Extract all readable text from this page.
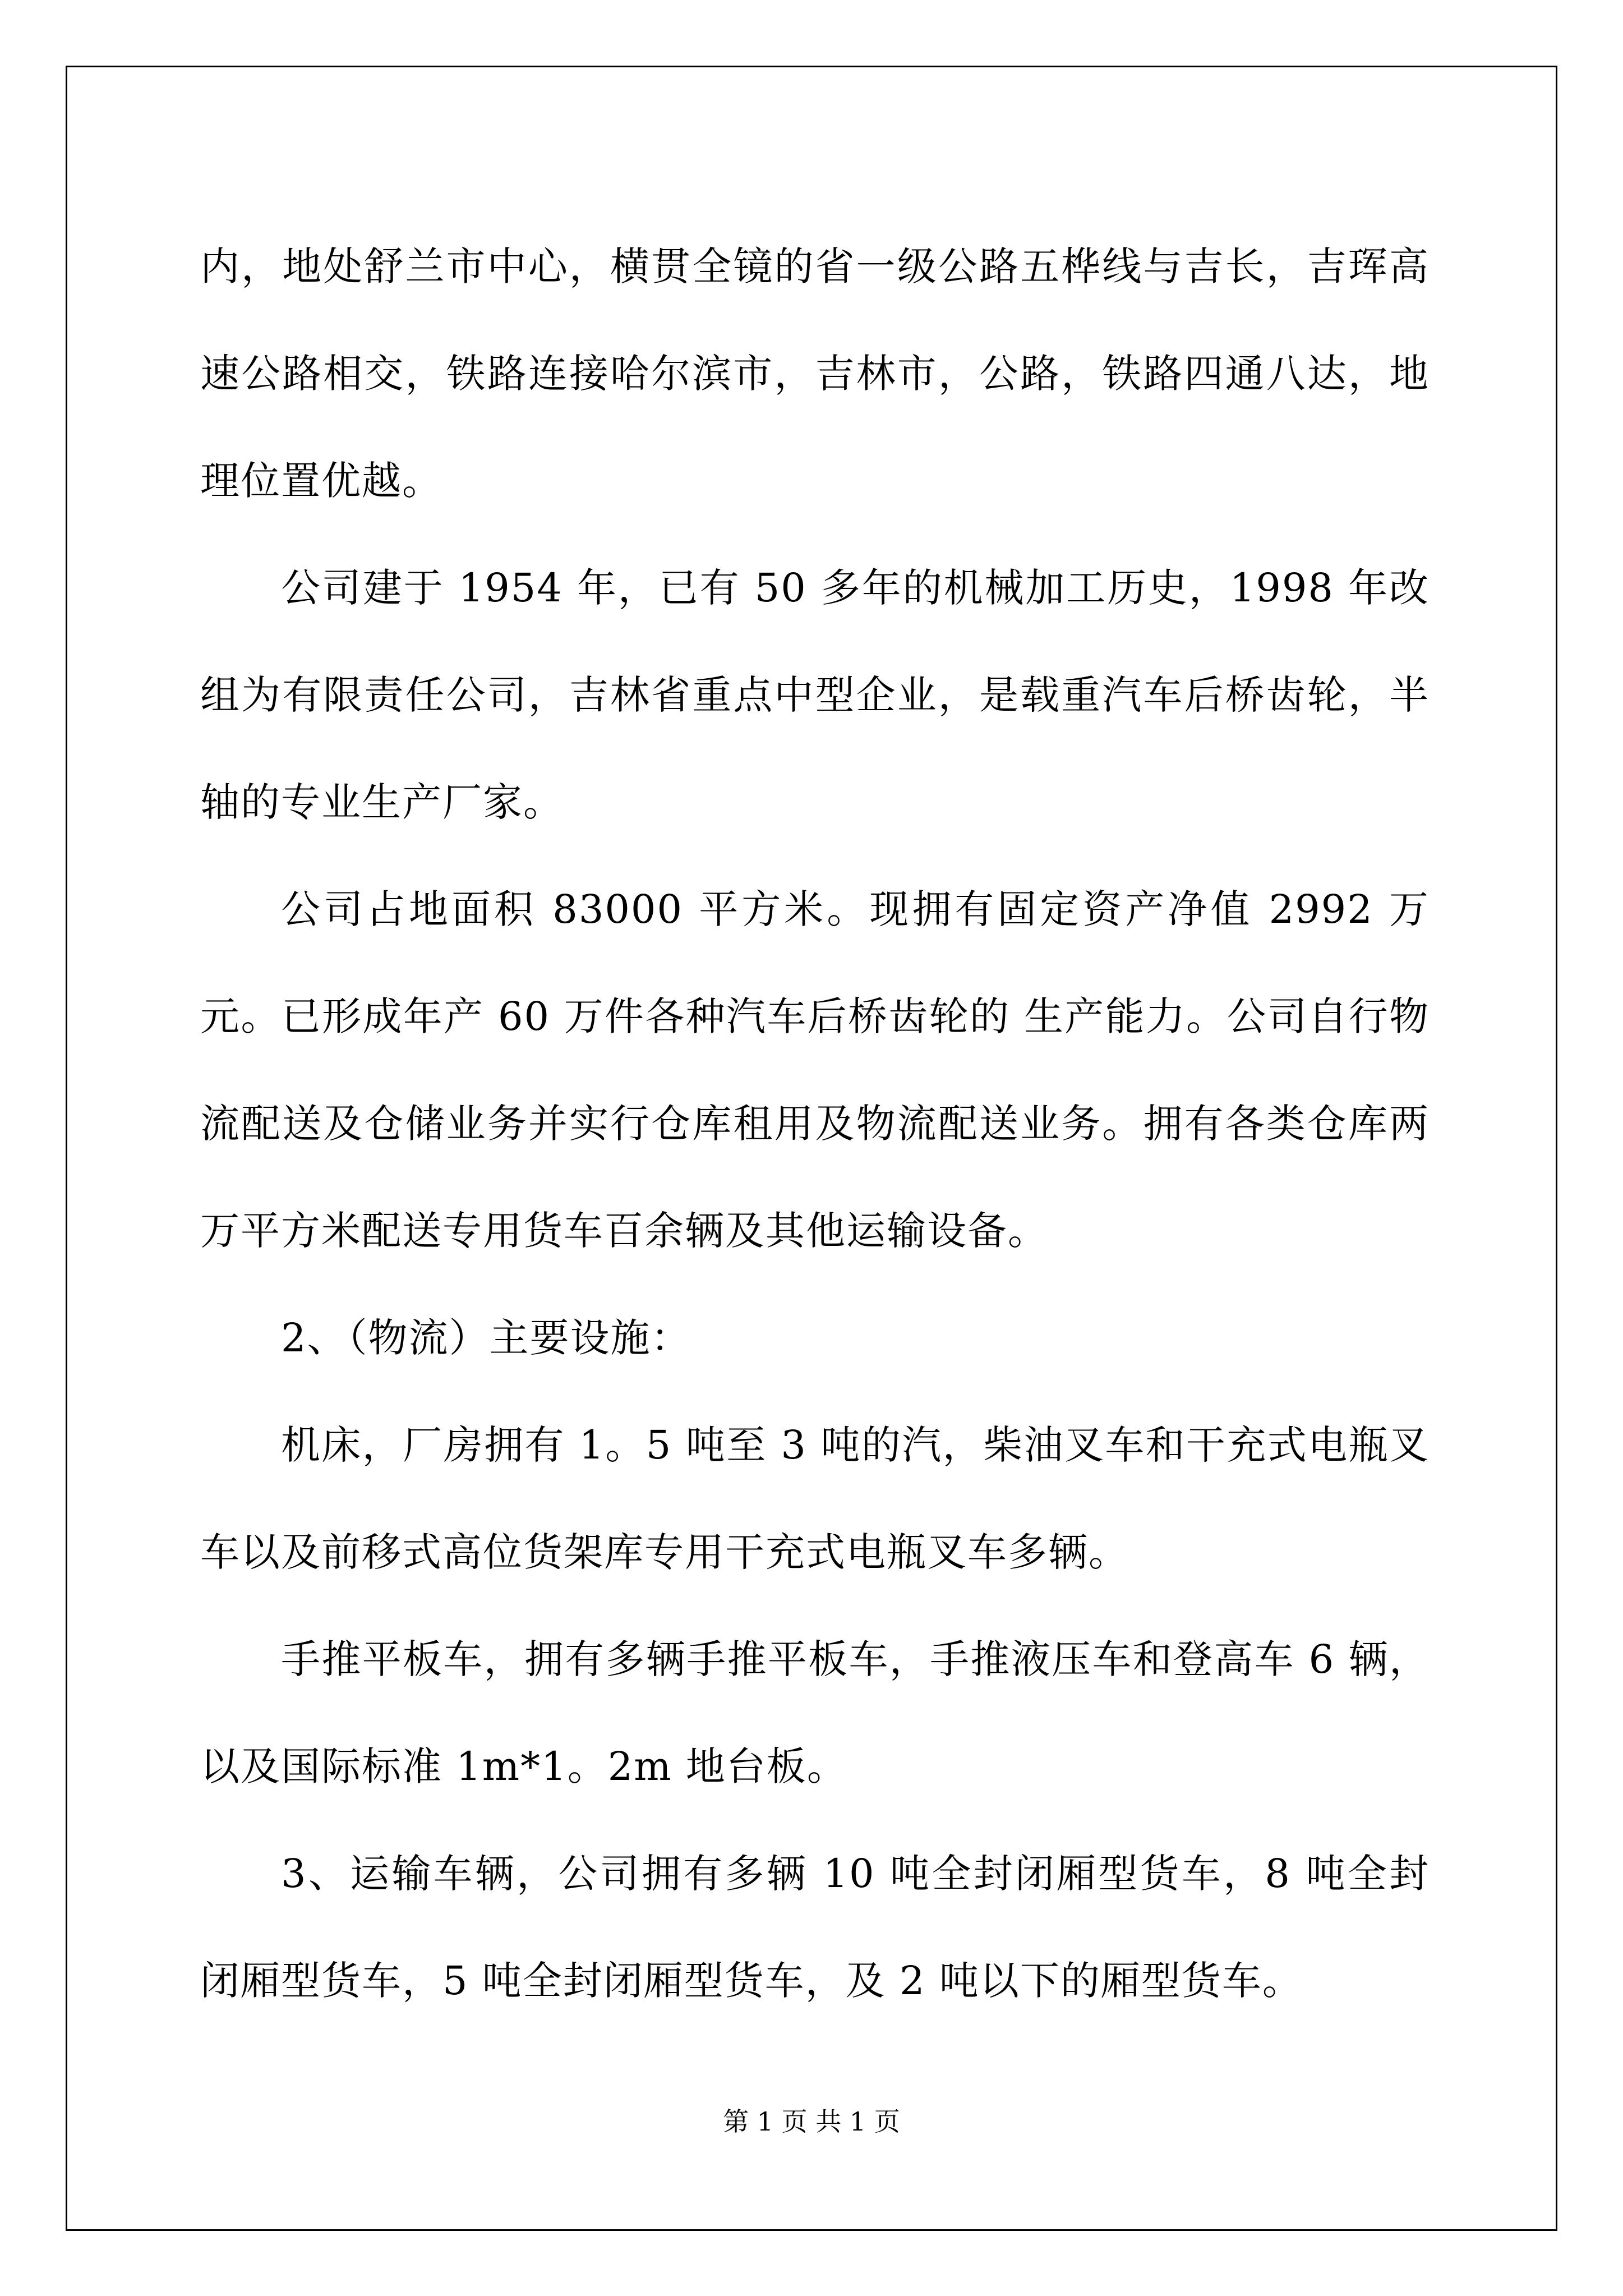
内，地处舒兰市中心，横贯全镜的省一级公路五桦线与吉长，吉珲高速公路相交，铁路连接哈尔滨市，吉林市，公路，铁路四通八达，地理位置优越。

公司建于 1954 年，已有 50 多年的机械加工历史，1998 年改组为有限责任公司，吉林省重点中型企业，是载重汽车后桥齿轮，半轴的专业生产厂家。

公司占地面积 83000 平方米。现拥有固定资产净值 2992 万元。已形成年产 60 万件各种汽车后桥齿轮的 生产能力。公司自行物流配送及仓储业务并实行仓库租用及物流配送业务。拥有各类仓库两万平方米配送专用货车百余辆及其他运输设备。

2、（物流）主要设施：

机床，厂房拥有 1。5 吨至 3 吨的汽，柴油叉车和干充式电瓶叉车以及前移式高位货架库专用干充式电瓶叉车多辆。

手推平板车，拥有多辆手推平板车，手推液压车和登高车 6 辆，以及国际标准 1m*1。2m 地台板。

3、运输车辆，公司拥有多辆 10 吨全封闭厢型货车，8 吨全封闭厢型货车，5 吨全封闭厢型货车，及 2 吨以下的厢型货车。

第 1 页 共 1 页
